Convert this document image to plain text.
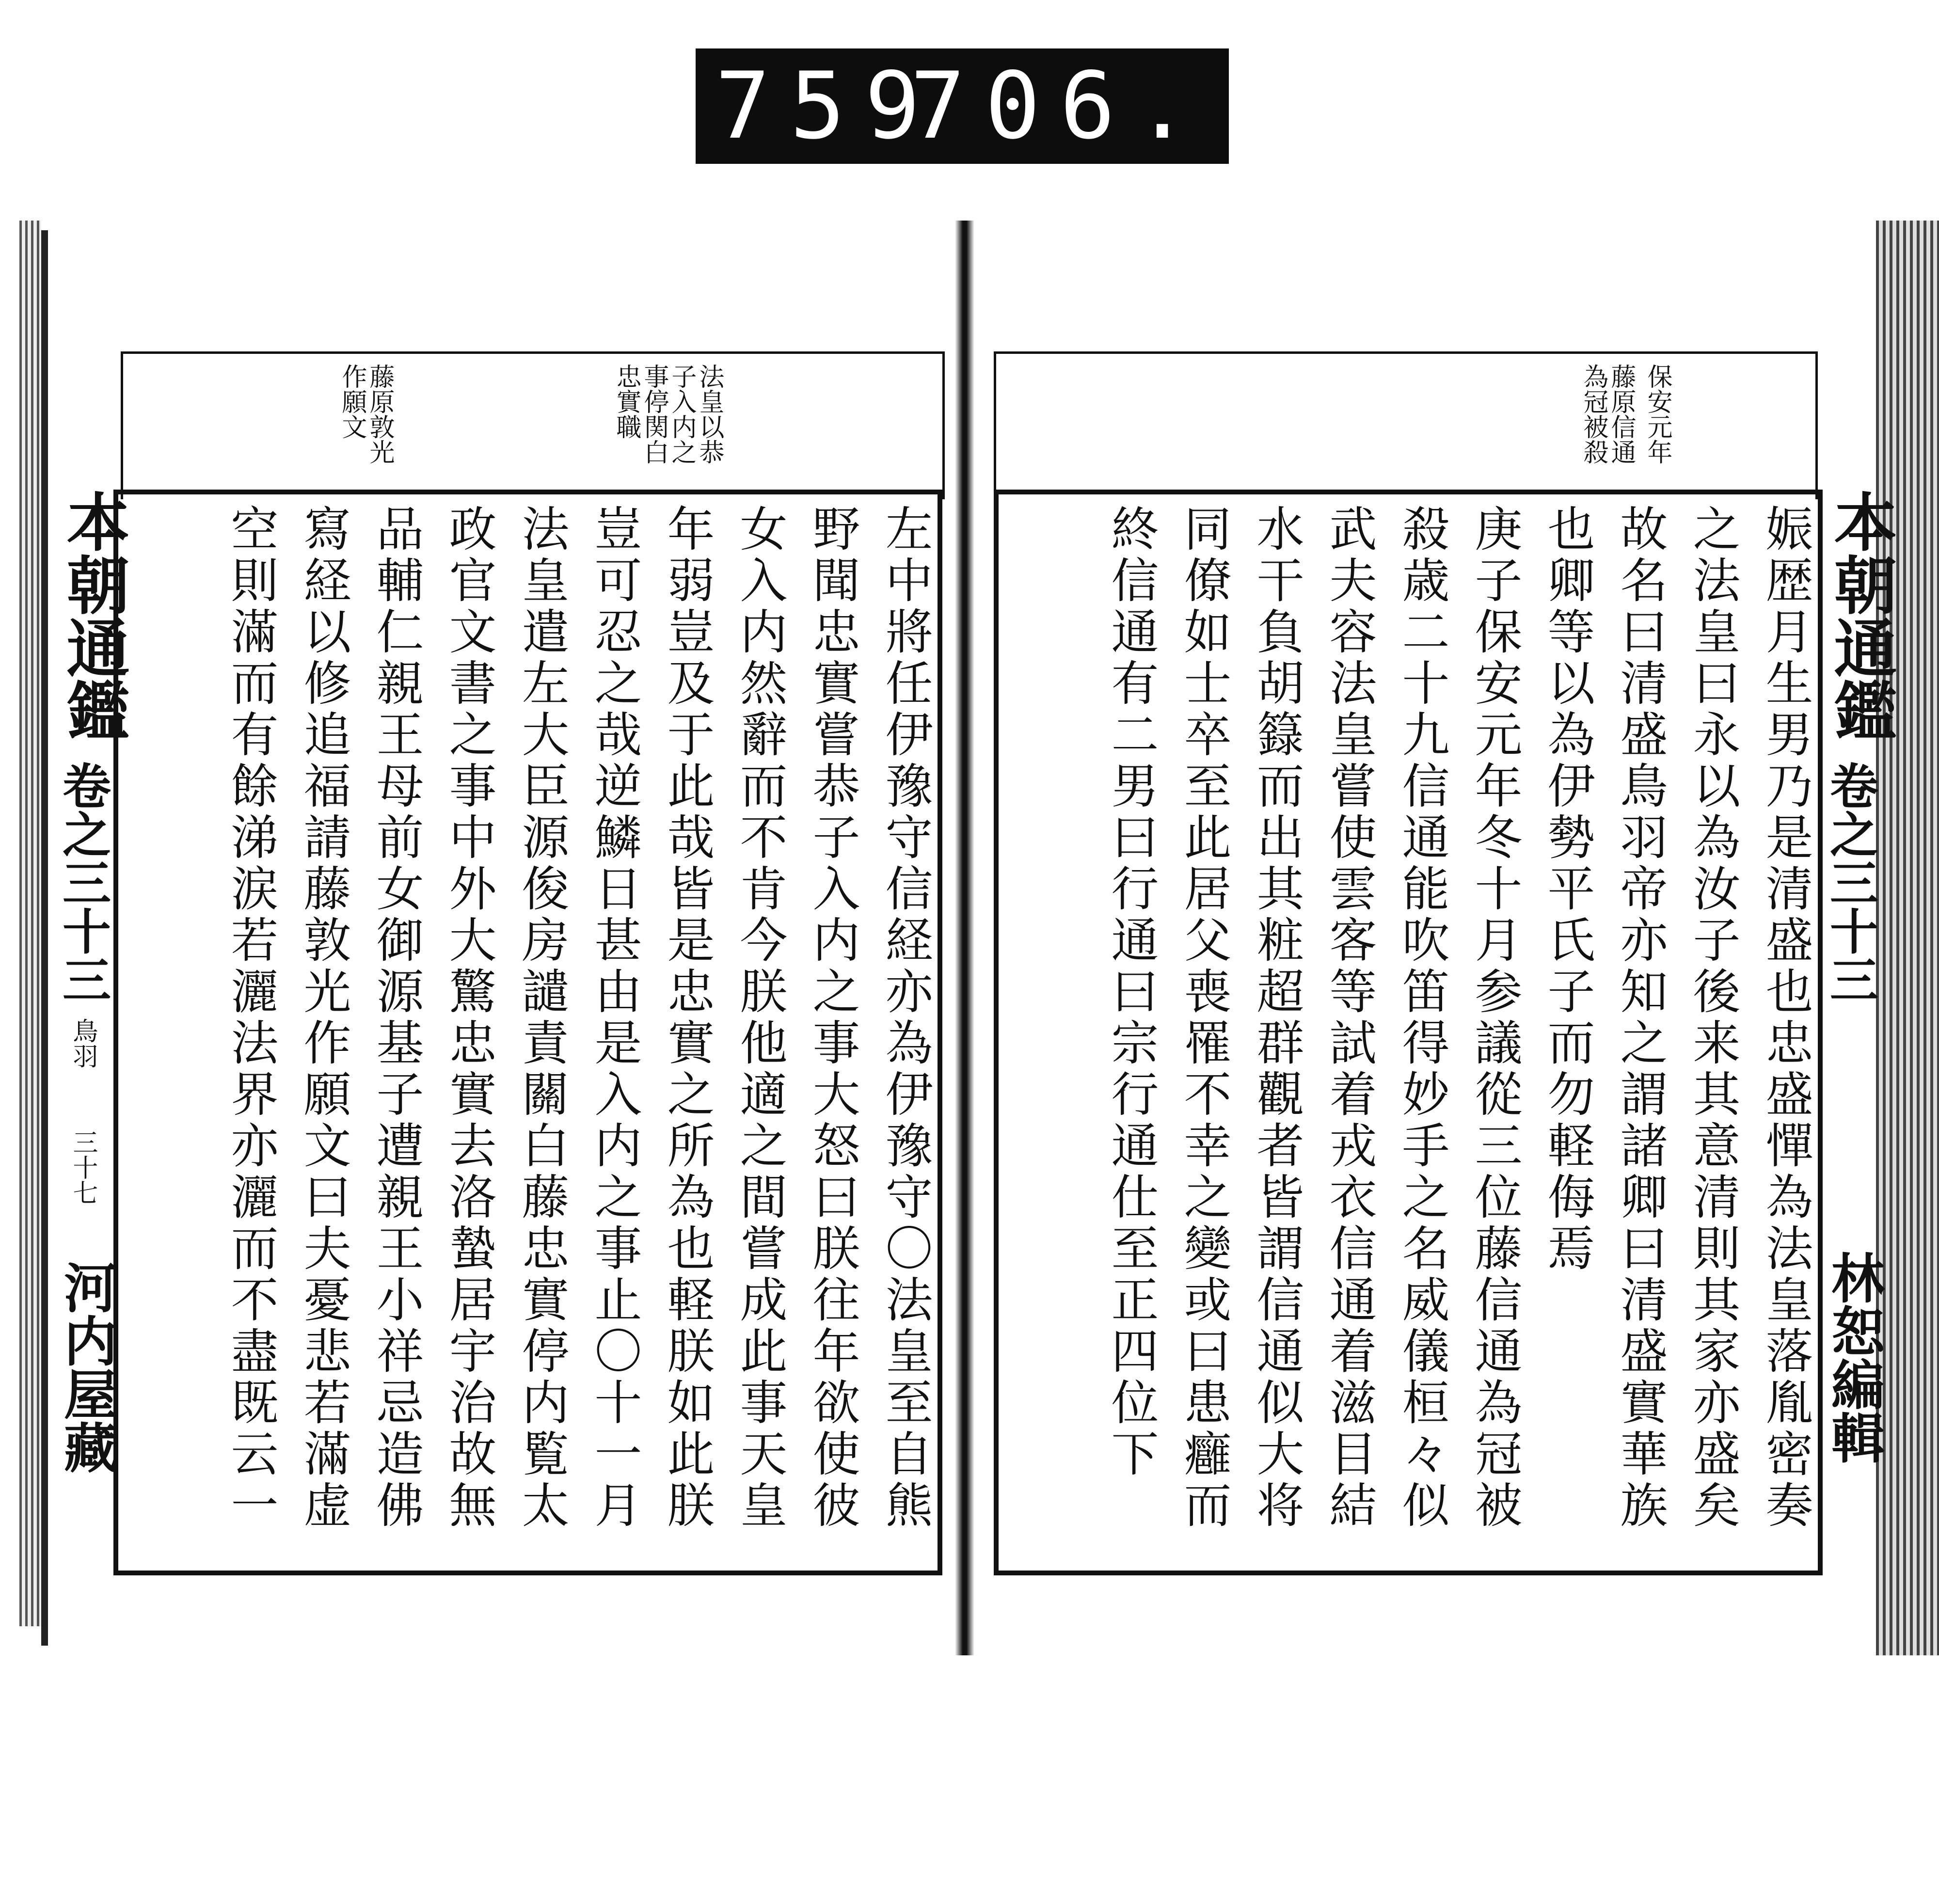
759
706.
法皇以恭
子入内之
事停関白
忠實職
藤原敦光
作願文
左中將任伊豫守信経亦為伊豫守〇法皇至自熊
野聞忠實嘗恭子入内之事大怒曰朕往年欲使彼
女入内然辭而不肯今朕他適之間嘗成此事天皇
年弱豈及于此哉皆是忠實之所為也軽朕如此朕
豈可忍之哉逆鱗日甚由是入内之事止〇十一月
法皇遣左大臣源俊房譴責關白藤忠實停内覧太
政官文書之事中外大驚忠實去洛蟄居宇治故無
品輔仁親王母前女御源基子遭親王小祥忌造佛
寫経以修追福請藤敦光作願文曰夫憂悲若滿虚
空則滿而有餘涕涙若灑法界亦灑而不盡既云一
本朝通鑑
卷之三十三
鳥羽
三十七
河内屋藏
保安元年
藤原信通
為冠被殺
娠歴月生男乃是清盛也忠盛憚為法皇落胤密奏
之法皇曰永以為汝子後来其意清則其家亦盛矣
故名曰清盛鳥羽帝亦知之謂諸卿曰清盛實華族
也卿等以為伊勢平氏子而勿軽侮焉
庚子保安元年冬十月参議從三位藤信通為冠被
殺歳二十九信通能吹笛得妙手之名威儀桓々似
武夫容法皇嘗使雲客等試着戎衣信通着滋目結
水干負胡籙而出其粧超群觀者皆謂信通似大将
同僚如士卒至此居父喪罹不幸之變或曰患癰而
終信通有二男曰行通曰宗行通仕至正四位下	本朝通鑑
卷之三十三
林恕編輯
